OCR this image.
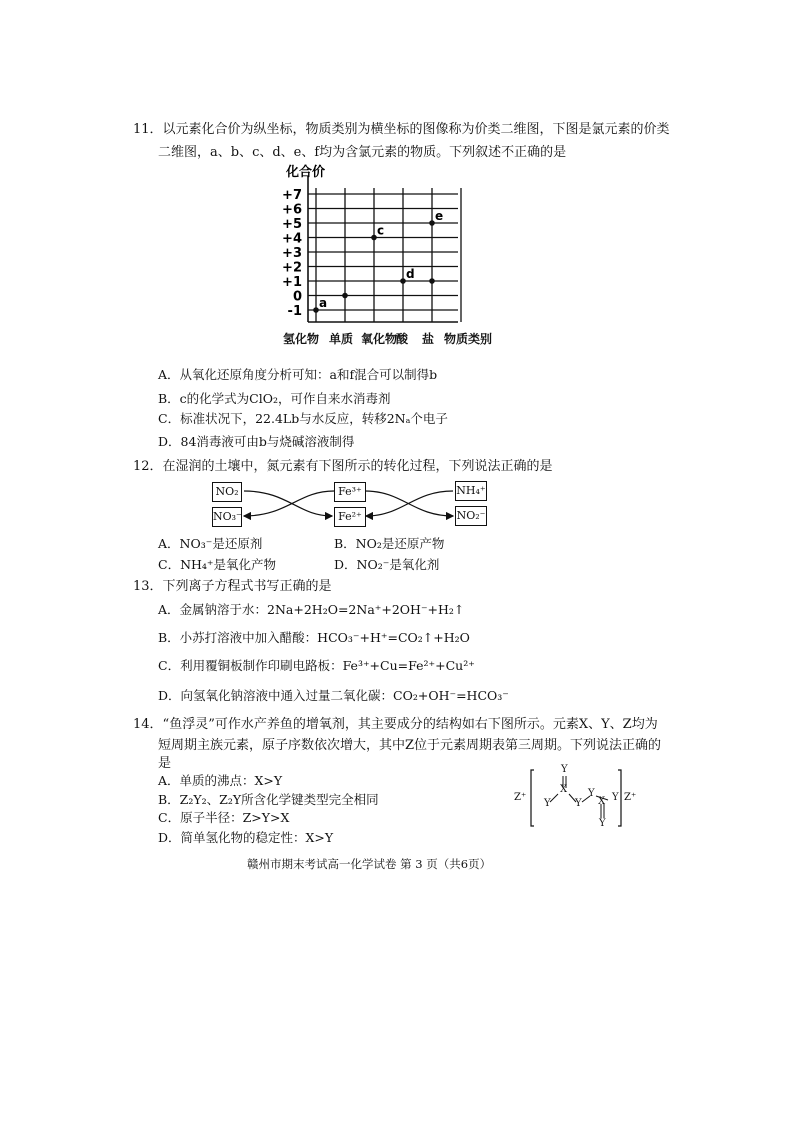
11．以元素化合价为纵坐标，物质类别为横坐标的图像称为价类二维图，下图是氯元素的价类
二维图，a、b、c、d、e、f均为含氯元素的物质。下列叙述不正确的是
+7
+6
+5
+4
+3
+2
+1
0
-1
a
c
d
e
化合价
氢化物 单质 氧化物
酸 盐 物质类别
A．从氧化还原角度分析可知：a和f混合可以制得b
B．c的化学式为ClO₂，可作自来水消毒剂
C．标准状况下，22.4Lb与水反应，转移2Nₐ个电子
D．84消毒液可由b与烧碱溶液制得
12．在湿润的土壤中，氮元素有下图所示的转化过程，下列说法正确的是
NO₂
NO₃⁻
Fe³⁺
Fe²⁺
NH₄⁺
NO₂⁻
A．NO₃⁻是还原剂	B．NO₂是还原产物
C．NH₄⁺是氧化产物	D．NO₂⁻是氧化剂
13．下列离子方程式书写正确的是
A．金属钠溶于水：2Na+2H₂O=2Na⁺+2OH⁻+H₂↑
B．小苏打溶液中加入醋酸：HCO₃⁻+H⁺=CO₂↑+H₂O
C．利用覆铜板制作印刷电路板：Fe³⁺+Cu=Fe²⁺+Cu²⁺
D．向氢氧化钠溶液中通入过量二氧化碳：CO₂+OH⁻=HCO₃⁻
14．“鱼浮灵”可作水产养鱼的增氧剂，其主要成分的结构如右下图所示。元素X、Y、Z均为
短周期主族元素，原子序数依次增大，其中Z位于元素周期表第三周期。下列说法正确的
是
A．单质的沸点：X>Y
B．Z₂Y₂、Z₂Y所含化学键类型完全相同
C．原子半径：Z>Y>X
D．简单氢化物的稳定性：X>Y
Z⁺
Y
X
Y Y
Y
X
Y
Y Z⁺
赣州市期末考试高一化学试卷 第 3 页（共6页）
